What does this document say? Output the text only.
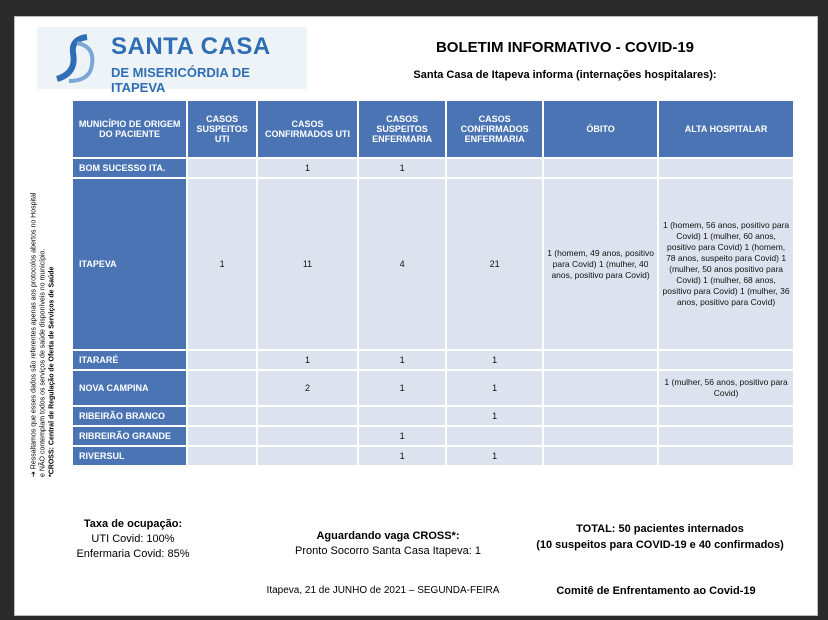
SANTA CASA
DE MISERICÓRDIA DE ITAPEVA
BOLETIM INFORMATIVO - COVID-19
Santa Casa de Itapeva informa (internações hospitalares):
➔ Ressaltamos que esses dados são referentes apenas aos protocolos abertos no Hospital e NÃO contemplam todos os serviços de saúde disponíveis no município. *CROSS: Central de Regulação de Oferta de Serviços de Saúde
MUNICÍPIO DE ORIGEM DO PACIENTE	CASOS SUSPEITOS UTI	CASOS CONFIRMADOS UTI	CASOS SUSPEITOS ENFERMARIA	CASOS CONFIRMADOS ENFERMARIA	ÓBITO	ALTA HOSPITALAR
BOM SUCESSO ITA.		1	1			
ITAPEVA	1	11	4	21	1 (homem, 49 anos, positivo para Covid) 1 (mulher, 40 anos, positivo para Covid)	1 (homem, 56 anos, positivo para Covid) 1 (mulher, 60 anos, positivo para Covid) 1 (homem, 78 anos, suspeito para Covid) 1 (mulher, 50 anos positivo para Covid) 1 (mulher, 68 anos, positivo para Covid) 1 (mulher, 36 anos, positivo para Covid)
ITARARÉ		1	1	1		
NOVA CAMPINA		2	1	1		1 (mulher, 56 anos, positivo para Covid)
RIBEIRÃO BRANCO				1		
RIBREIRÃO GRANDE			1			
RIVERSUL			1	1		
Taxa de ocupação:
UTI Covid: 100%
Enfermaria Covid: 85%
Aguardando vaga CROSS*:
Pronto Socorro Santa Casa Itapeva: 1
TOTAL: 50 pacientes internados
(10 suspeitos para COVID-19 e 40 confirmados)
Itapeva, 21 de JUNHO de 2021 – SEGUNDA-FEIRA	Comitê de Enfrentamento ao Covid-19
